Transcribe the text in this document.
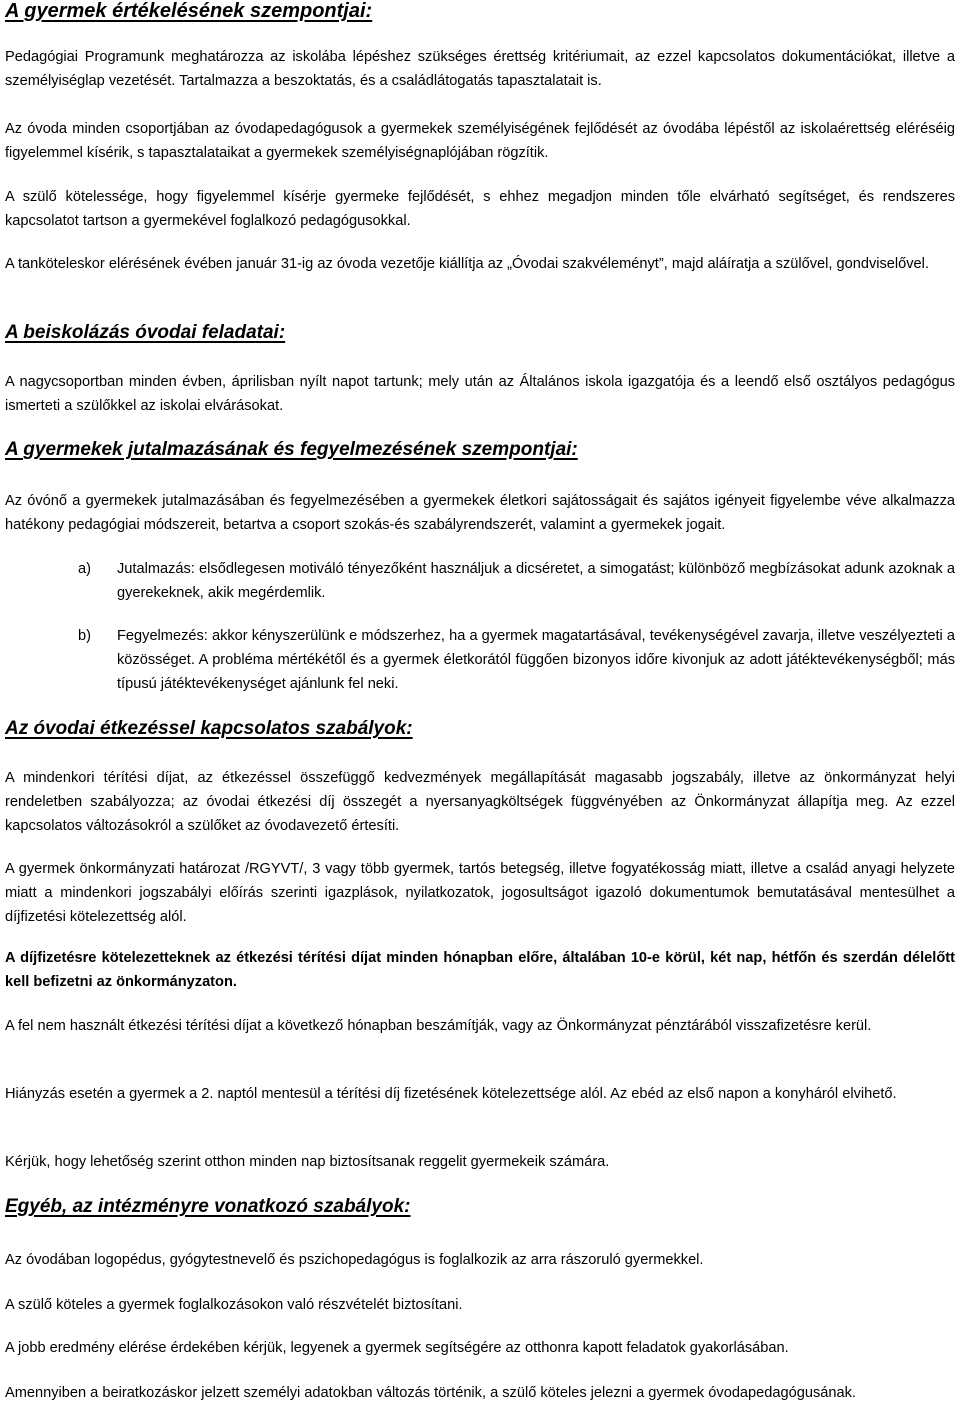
A gyermek értékelésének szempontjai:

Pedagógiai Programunk meghatározza az iskolába lépéshez szükséges érettség kritériumait, az ezzel kapcsolatos dokumentációkat, illetve a személyiséglap vezetését. Tartalmazza a beszoktatás, és a családlátogatás tapasztalatait is.

Az óvoda minden csoportjában az óvodapedagógusok a gyermekek személyiségének fejlődését az óvodába lépéstől az iskolaérettség eléréséig figyelemmel kísérik, s tapasztalataikat a gyermekek személyiségnaplójában rögzítik.

A szülő kötelessége, hogy figyelemmel kísérje gyermeke fejlődését, s ehhez megadjon minden tőle elvárható segítséget, és rendszeres kapcsolatot tartson a gyermekével foglalkozó pedagógusokkal.

A tanköteleskor elérésének évében január 31-ig az óvoda vezetője kiállítja az „Óvodai szakvéleményt”, majd aláíratja a szülővel, gondviselővel.

A beiskolázás óvodai feladatai:

A nagycsoportban minden évben, áprilisban nyílt napot tartunk; mely után az Általános iskola igazgatója és a leendő első osztályos pedagógus ismerteti a szülőkkel az iskolai elvárásokat.

A gyermekek jutalmazásának és fegyelmezésének szempontjai:

Az óvónő a gyermekek jutalmazásában és fegyelmezésében a gyermekek életkori sajátosságait és sajátos igényeit figyelembe véve alkalmazza hatékony pedagógiai módszereit, betartva a csoport szokás-és szabályrendszerét, valamint a gyermekek jogait.

a) Jutalmazás: elsődlegesen motiváló tényezőként használjuk a dicséretet, a simogatást; különböző megbízásokat adunk azoknak a gyerekeknek, akik megérdemlik.
b) Fegyelmezés: akkor kényszerülünk e módszerhez, ha a gyermek magatartásával, tevékenységével zavarja, illetve veszélyezteti a közösséget. A probléma mértékétől és a gyermek életkorától függően bizonyos időre kivonjuk az adott játéktevékenységből; más típusú játéktevékenységet ajánlunk fel neki.
Az óvodai étkezéssel kapcsolatos szabályok:

A mindenkori térítési díjat, az étkezéssel összefüggő kedvezmények megállapítását magasabb jogszabály, illetve az önkormányzat helyi rendeletben szabályozza; az óvodai étkezési díj összegét a nyersanyagköltségek függvényében az Önkormányzat állapítja meg. Az ezzel kapcsolatos változásokról a szülőket az óvodavezető értesíti.

A gyermek önkormányzati határozat /RGYVT/, 3 vagy több gyermek, tartós betegség, illetve fogyatékosság miatt, illetve a család anyagi helyzete miatt a mindenkori jogszabályi előírás szerinti igazplások, nyilatkozatok, jogosultságot igazoló dokumentumok bemutatásával mentesülhet a díjfizetési kötelezettség alól.

A díjfizetésre kötelezetteknek az étkezési térítési díjat minden hónapban előre, általában 10-e körül, két nap, hétfőn és szerdán délelőtt kell befizetni az önkormányzaton.

A fel nem használt étkezési térítési díjat a következő hónapban beszámítják, vagy az Önkormányzat pénztárából visszafizetésre kerül.

Hiányzás esetén a gyermek a 2. naptól mentesül a térítési díj fizetésének kötelezettsége alól. Az ebéd az első napon a konyháról elvihető.

Kérjük, hogy lehetőség szerint otthon minden nap biztosítsanak reggelit gyermekeik számára.

Egyéb, az intézményre vonatkozó szabályok:

Az óvodában logopédus, gyógytestnevelő és pszichopedagógus is foglalkozik az arra rászoruló gyermekkel.

A szülő köteles a gyermek foglalkozásokon való részvételét biztosítani.

A jobb eredmény elérése érdekében kérjük, legyenek a gyermek segítségére az otthonra kapott feladatok gyakorlásában.

Amennyiben a beiratkozáskor jelzett személyi adatokban változás történik, a szülő köteles jelezni a gyermek óvodapedagógusának.
